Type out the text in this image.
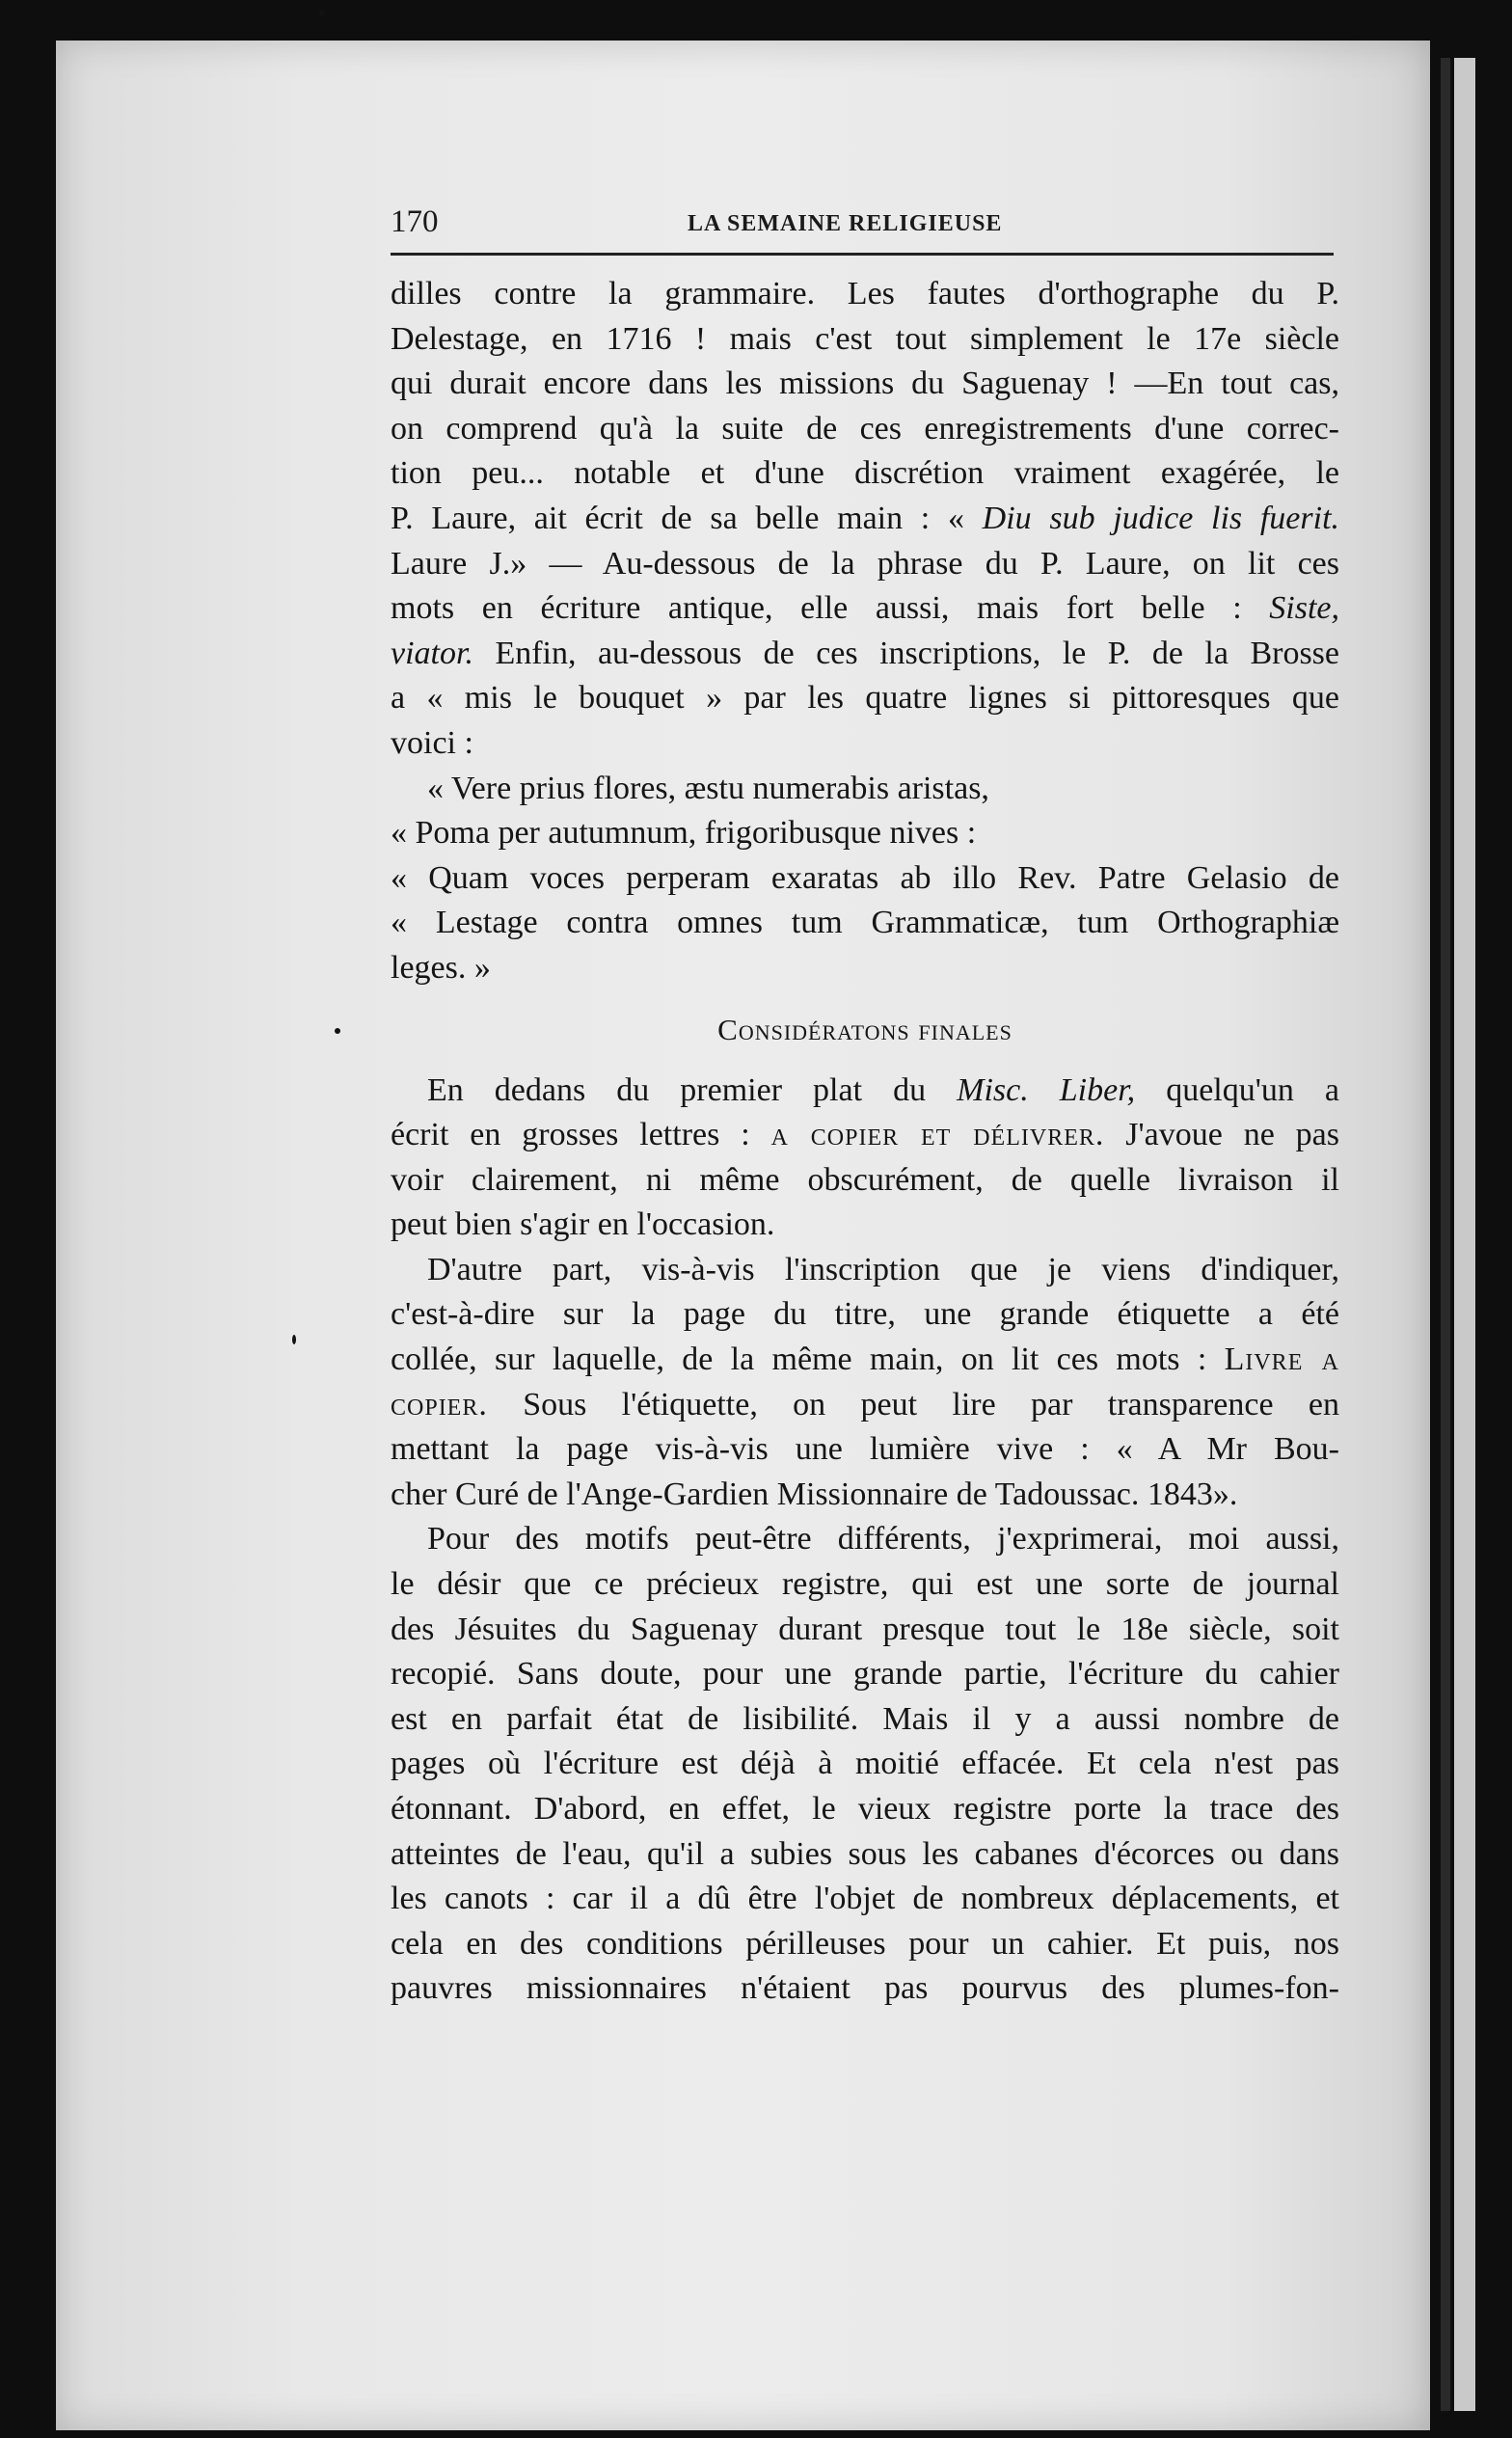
170	LA SEMAINE RELIGIEUSE
dilles contre la grammaire. Les fautes d'orthographe du P.
Delestage, en 1716 ! mais c'est tout simplement le 17e siècle
qui durait encore dans les missions du Saguenay ! —En tout cas,
on comprend qu'à la suite de ces enregistrements d'une correc-
tion peu... notable et d'une discrétion vraiment exagérée, le
P. Laure, ait écrit de sa belle main : « Diu sub judice lis fuerit.
Laure J.» — Au-dessous de la phrase du P. Laure, on lit ces
mots en écriture antique, elle aussi, mais fort belle : Siste,
viator. Enfin, au-dessous de ces inscriptions, le P. de la Brosse
a « mis le bouquet » par les quatre lignes si pittoresques que
voici :
« Vere prius flores, æstu numerabis aristas,
« Poma per autumnum, frigoribusque nives :
« Quam voces perperam exaratas ab illo Rev. Patre Gelasio de
« Lestage contra omnes tum Grammaticæ, tum Orthographiæ
leges. »
Considératons finales
En dedans du premier plat du Misc. Liber, quelqu'un a
écrit en grosses lettres : a copier et délivrer. J'avoue ne pas
voir clairement, ni même obscurément, de quelle livraison il
peut bien s'agir en l'occasion.
D'autre part, vis-à-vis l'inscription que je viens d'indiquer,
c'est-à-dire sur la page du titre, une grande étiquette a été
collée, sur laquelle, de la même main, on lit ces mots : Livre a
copier. Sous l'étiquette, on peut lire par transparence en
mettant la page vis-à-vis une lumière vive : « A Mr Bou-
cher Curé de l'Ange-Gardien Missionnaire de Tadoussac. 1843».
Pour des motifs peut-être différents, j'exprimerai, moi aussi,
le désir que ce précieux registre, qui est une sorte de journal
des Jésuites du Saguenay durant presque tout le 18e siècle, soit
recopié. Sans doute, pour une grande partie, l'écriture du cahier
est en parfait état de lisibilité. Mais il y a aussi nombre de
pages où l'écriture est déjà à moitié effacée. Et cela n'est pas
étonnant. D'abord, en effet, le vieux registre porte la trace des
atteintes de l'eau, qu'il a subies sous les cabanes d'écorces ou dans
les canots : car il a dû être l'objet de nombreux déplacements, et
cela en des conditions périlleuses pour un cahier. Et puis, nos
pauvres missionnaires n'étaient pas pourvus des plumes-fon-
